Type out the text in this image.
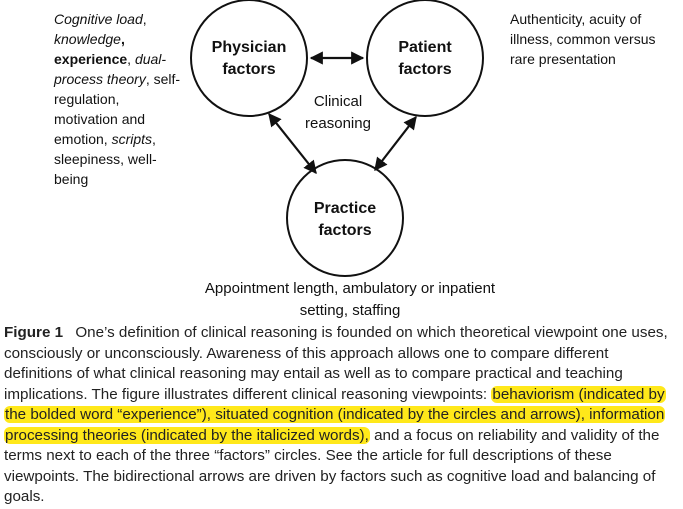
Physician
factors
Patient
factors
Practice
factors
Clinical
reasoning
Cognitive load, knowledge, experience, dual-process theory, self-regulation, motivation and emotion, scripts, sleepiness, well-being
Authenticity, acuity of illness, common versus rare presentation
Appointment length, ambulatory or inpatient setting, staffing
Figure 1 One’s definition of clinical reasoning is founded on which theoretical viewpoint one uses, consciously or unconsciously. Awareness of this approach allows one to compare different definitions of what clinical reasoning may entail as well as to compare practical and teaching implications. The figure illustrates different clinical reasoning viewpoints: behaviorism (indicated by the bolded word “experience”), situated cognition (indicated by the circles and arrows), information processing theories (indicated by the italicized words), and a focus on reliability and validity of the terms next to each of the three “factors” circles. See the article for full descriptions of these viewpoints. The bidirectional arrows are driven by factors such as cognitive load and balancing of goals.
